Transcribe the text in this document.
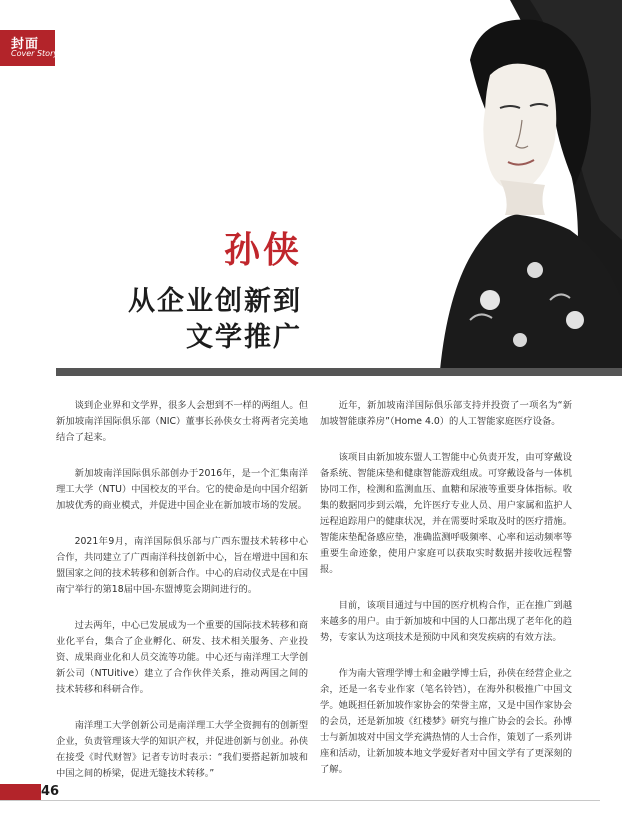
封面
Cover Story
孙侠
从企业创新到
文学推广

谈到企业界和文学界，很多人会想到不一样的两组人。但新加坡南洋国际俱乐部（NIC）董事长孙侠女士将两者完美地结合了起来。

新加坡南洋国际俱乐部创办于2016年，是一个汇集南洋理工大学（NTU）中国校友的平台。它的使命是向中国介绍新加坡优秀的商业模式，并促进中国企业在新加坡市场的发展。

2021年9月，南洋国际俱乐部与广西东盟技术转移中心合作，共同建立了广西南洋科技创新中心，旨在增进中国和东盟国家之间的技术转移和创新合作。中心的启动仪式是在中国南宁举行的第18届中国-东盟博览会期间进行的。

过去两年，中心已发展成为一个重要的国际技术转移和商业化平台，集合了企业孵化、研发、技术相关服务、产业投资、成果商业化和人员交流等功能。中心还与南洋理工大学创新公司（NTUitive）建立了合作伙伴关系，推动两国之间的技术转移和科研合作。

南洋理工大学创新公司是南洋理工大学全资拥有的创新型企业，负责管理该大学的知识产权，并促进创新与创业。孙侠在接受《时代财智》记者专访时表示：“我们要搭起新加坡和中国之间的桥梁，促进无缝技术转移。”

近年，新加坡南洋国际俱乐部支持并投资了一项名为“新加坡智能康养房”（Home 4.0）的人工智能家庭医疗设备。

该项目由新加坡东盟人工智能中心负责开发，由可穿戴设备系统、智能床垫和健康智能游戏组成。可穿戴设备与一体机协同工作，检测和监测血压、血糖和尿液等重要身体指标。收集的数据同步到云端，允许医疗专业人员、用户家属和监护人远程追踪用户的健康状况，并在需要时采取及时的医疗措施。智能床垫配备感应垫，准确监测呼吸频率、心率和运动频率等重要生命迹象，使用户家庭可以获取实时数据并接收远程警报。

目前，该项目通过与中国的医疗机构合作，正在推广到越来越多的用户。由于新加坡和中国的人口都出现了老年化的趋势，专家认为这项技术是预防中风和突发疾病的有效方法。

作为南大管理学博士和金融学博士后，孙侠在经营企业之余，还是一名专业作家（笔名铃铛），在海外积极推广中国文学。她既担任新加坡作家协会的荣誉主席，又是中国作家协会的会员，还是新加坡《红楼梦》研究与推广协会的会长。孙博士与新加坡对中国文学充满热情的人士合作，策划了一系列讲座和活动，让新加坡本地文学爱好者对中国文学有了更深刻的了解。

46
